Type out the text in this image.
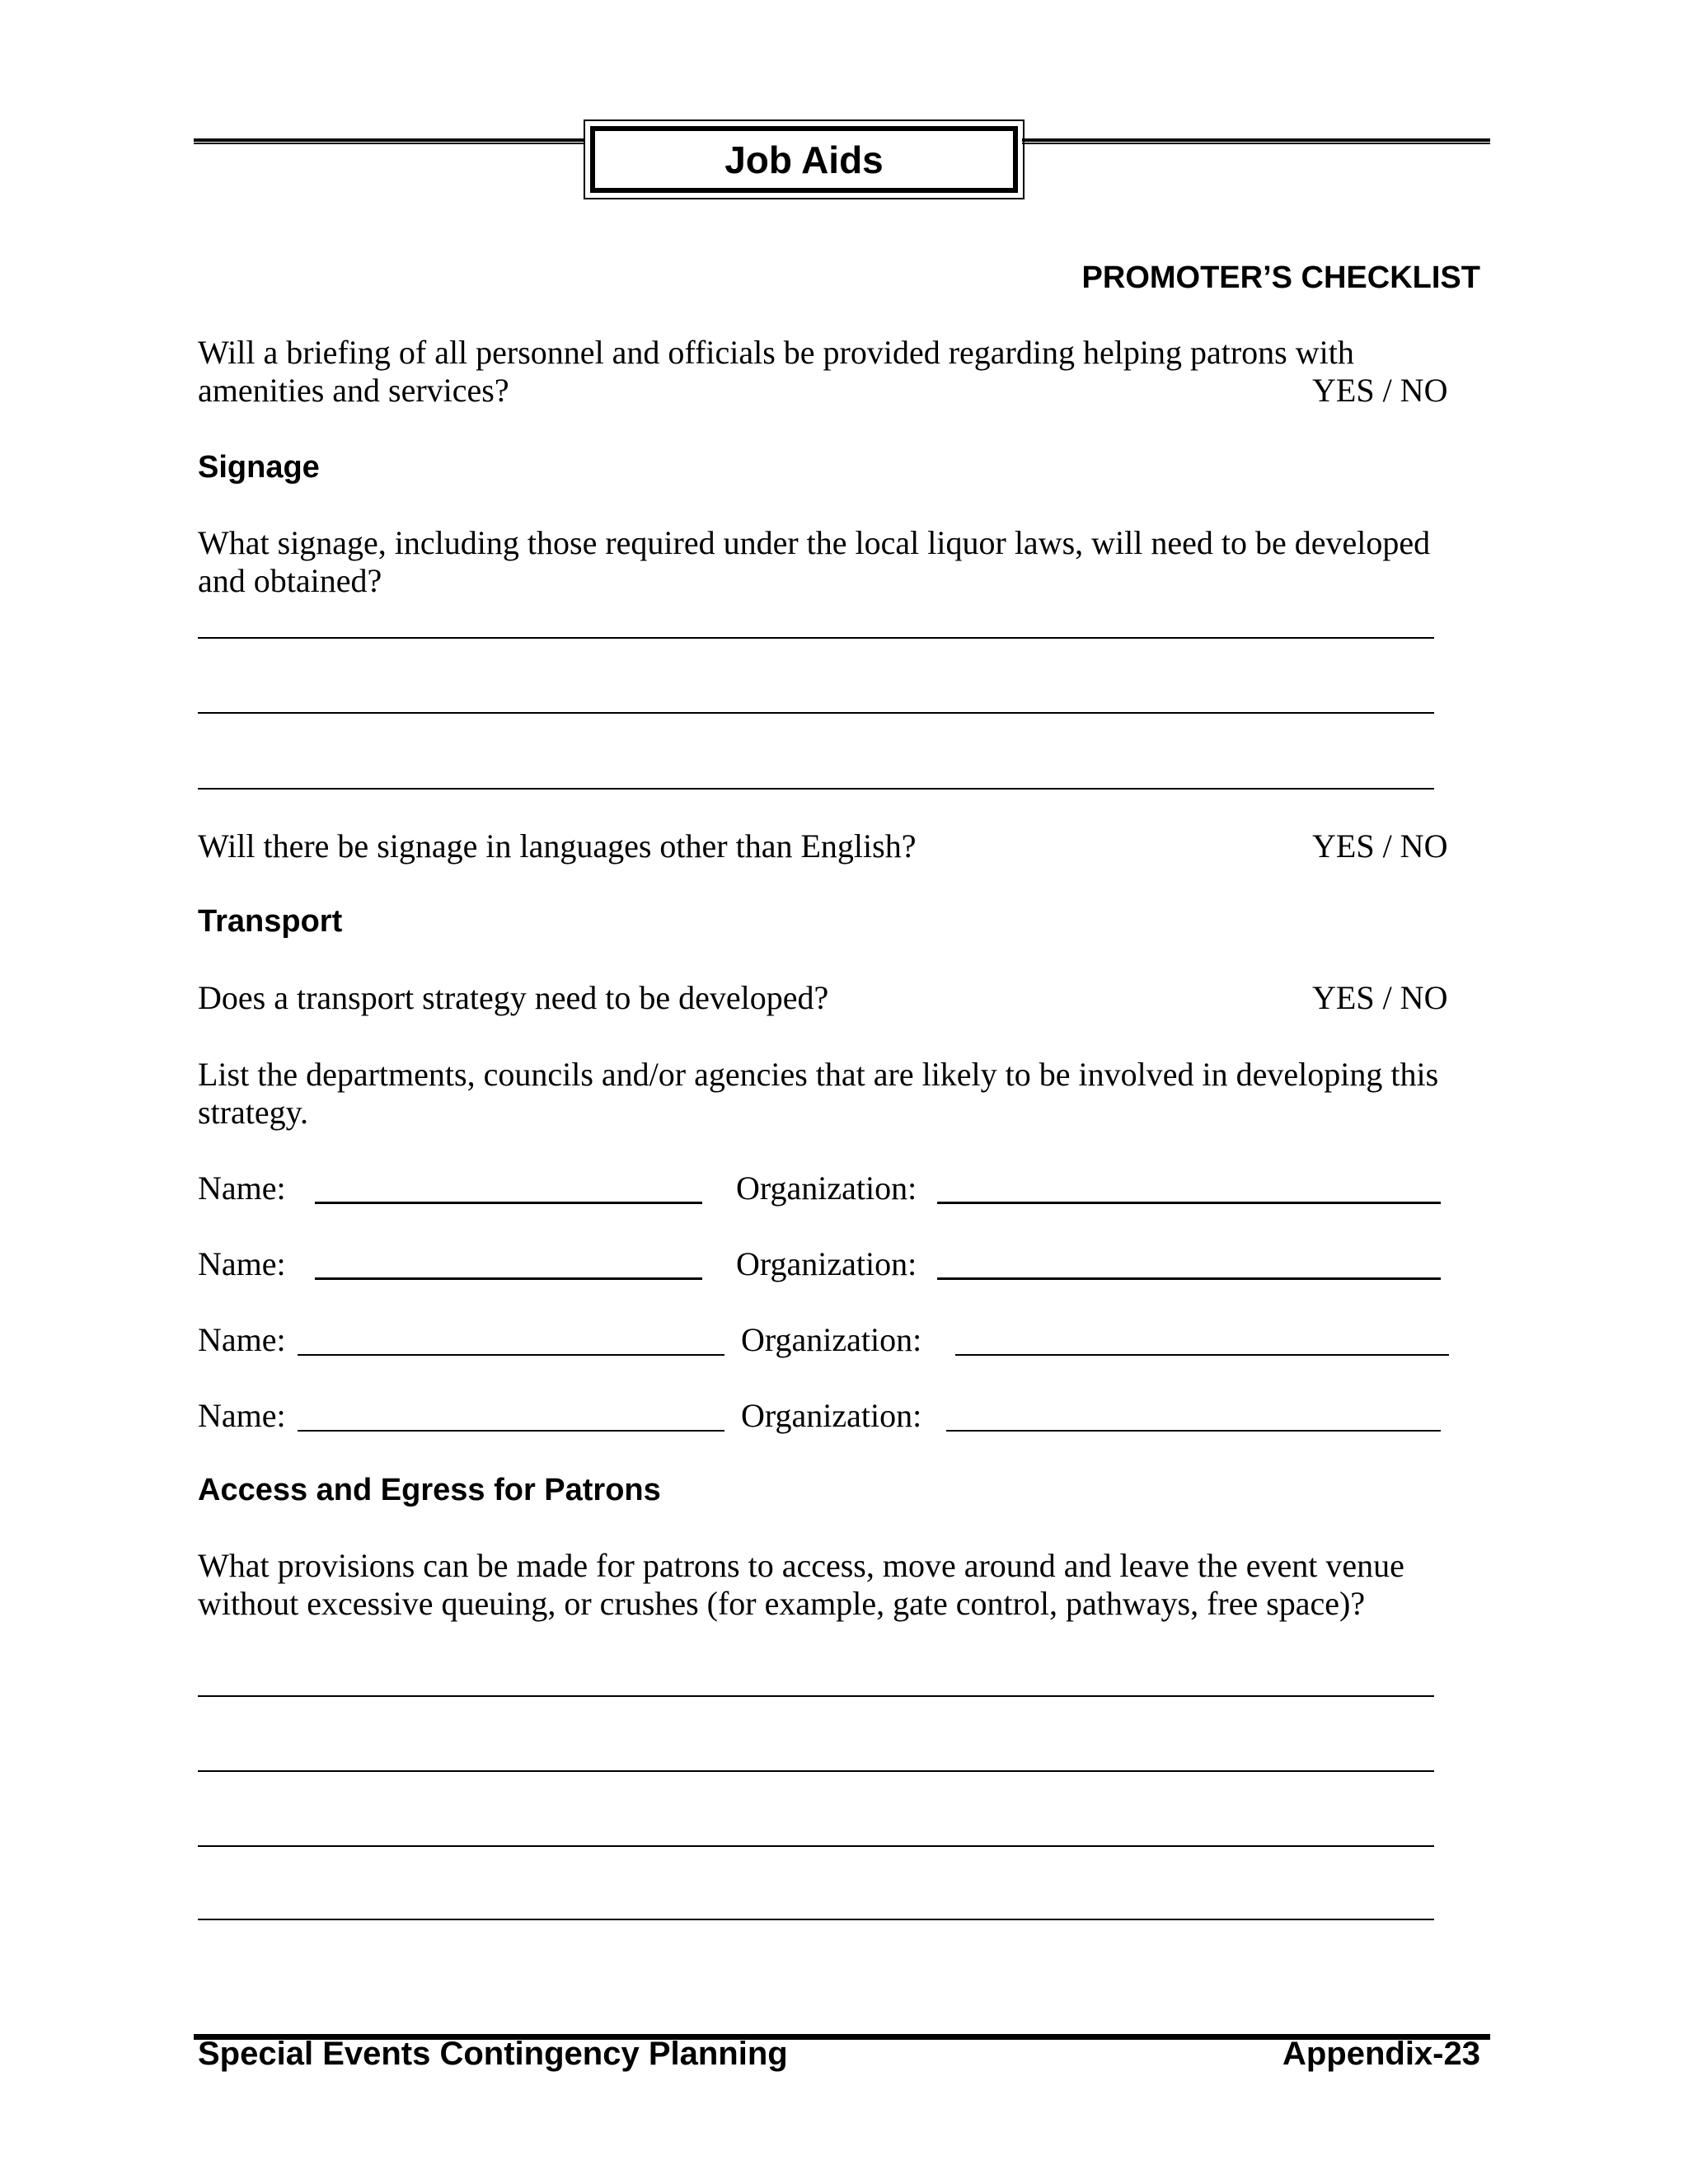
Job Aids
PROMOTER’S CHECKLIST
Will a briefing of all personnel and officials be provided regarding helping patrons with
amenities and services?	YES / NO
Signage
What signage, including those required under the local liquor laws, will need to be developed
and obtained?
Will there be signage in languages other than English?	YES / NO
Transport
Does a transport strategy need to be developed?	YES / NO
List the departments, councils and/or agencies that are likely to be involved in developing this
strategy.
Name:	Organization:
Name:	Organization:
Name:	Organization:
Name:	Organization:
Access and Egress for Patrons
What provisions can be made for patrons to access, move around and leave the event venue
without excessive queuing, or crushes (for example, gate control, pathways, free space)?
Special Events Contingency Planning	Appendix-23
